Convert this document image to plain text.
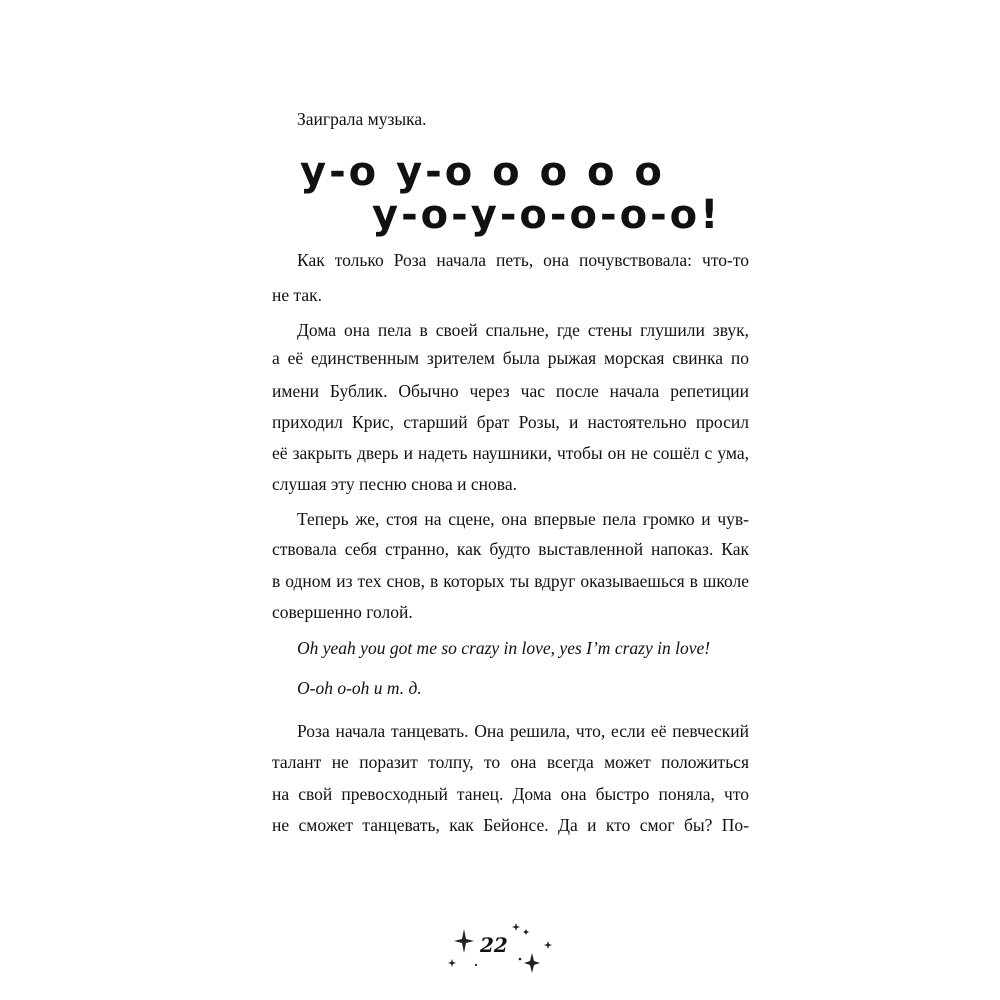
Заиграла музыка.

у-о у-о о о о о

у-о-у-о-о-о-о!

Как только Роза начала петь, она почувствовала: что-то

не так.

Дома она пела в своей спальне, где стены глушили звук,

а её единственным зрителем была рыжая морская свинка по

имени Бублик. Обычно через час после начала репетиции

приходил Крис, старший брат Розы, и настоятельно просил

её закрыть дверь и надеть наушники, чтобы он не сошёл с ума,

слушая эту песню снова и снова.

Теперь же, стоя на сцене, она впервые пела громко и чув-

ствовала себя странно, как будто выставленной напоказ. Как

в одном из тех снов, в которых ты вдруг оказываешься в школе

совершенно голой.

Oh yeah you got me so crazy in love, yes I’m crazy in love!

O-oh o-oh и т. д.

Роза начала танцевать. Она решила, что, если её певческий

талант не поразит толпу, то она всегда может положиться

на свой превосходный танец. Дома она быстро поняла, что

не сможет танцевать, как Бейонсе. Да и кто смог бы? По-

22
